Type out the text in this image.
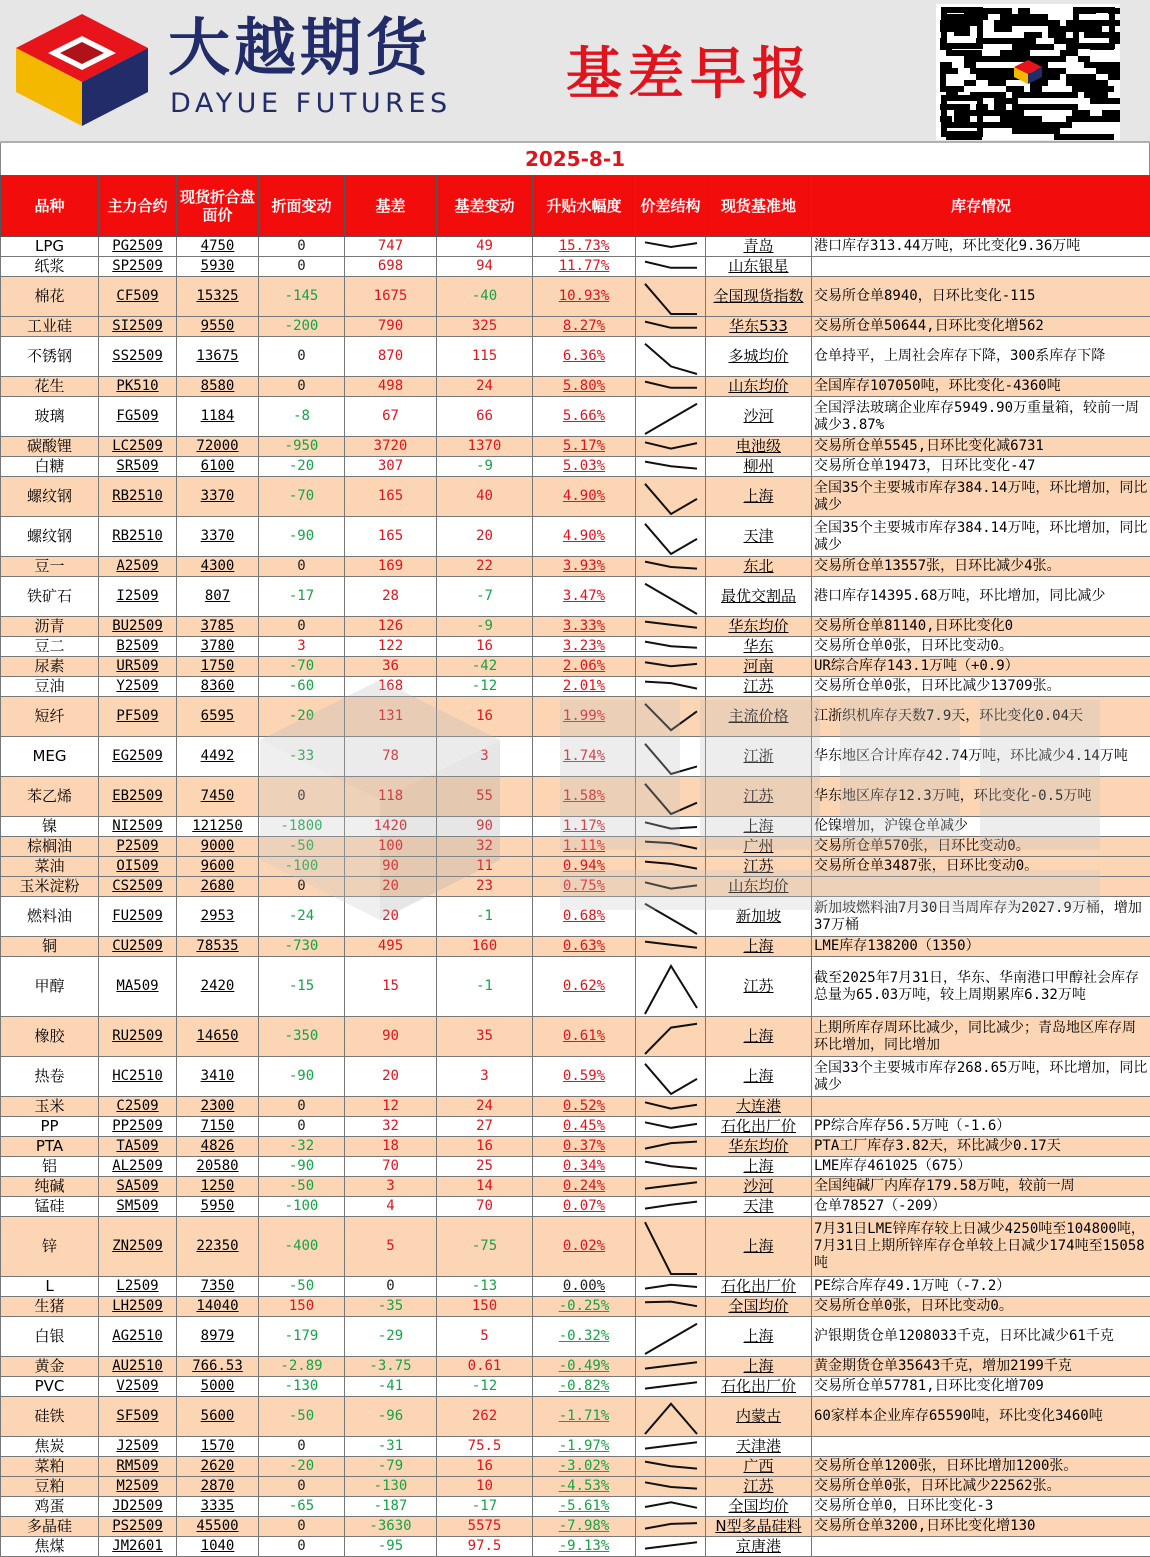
大越期货
DAYUE FUTURES 基差早报
2025-8-1
品种	主力合约	现货折合盘面价	折面变动	基差	基差变动	升贴水幅度	价差结构	现货基准地	库存情况
LPG	PG2509	4750	0	747	49	15.73%		青岛	港口库存313.44万吨，环比变化9.36万吨
纸浆	SP2509	5930	0	698	94	11.77%		山东银星	
棉花	CF509	15325	-145	1675	-40	10.93%		全国现货指数	交易所仓单8940，日环比变化-115
工业硅	SI2509	9550	-200	790	325	8.27%		华东533	交易所仓单50644,日环比变化增562
不锈钢	SS2509	13675	0	870	115	6.36%		多城均价	仓单持平，上周社会库存下降，300系库存下降
花生	PK510	8580	0	498	24	5.80%		山东均价	全国库存107050吨，环比变化-4360吨
玻璃	FG509	1184	-8	67	66	5.66%		沙河	全国浮法玻璃企业库存5949.90万重量箱，较前一周减少3.87%
碳酸锂	LC2509	72000	-950	3720	1370	5.17%		电池级	交易所仓单5545,日环比变化减6731
白糖	SR509	6100	-20	307	-9	5.03%		柳州	交易所仓单19473，日环比变化-47
螺纹钢	RB2510	3370	-70	165	40	4.90%		上海	全国35个主要城市库存384.14万吨，环比增加，同比减少
螺纹钢	RB2510	3370	-90	165	20	4.90%		天津	全国35个主要城市库存384.14万吨，环比增加，同比减少
豆一	A2509	4300	0	169	22	3.93%		东北	交易所仓单13557张，日环比减少4张。
铁矿石	I2509	807	-17	28	-7	3.47%		最优交割品	港口库存14395.68万吨，环比增加，同比减少
沥青	BU2509	3785	0	126	-9	3.33%		华东均价	交易所仓单81140,日环比变化0
豆二	B2509	3780	3	122	16	3.23%		华东	交易所仓单0张，日环比变动0。
尿素	UR509	1750	-70	36	-42	2.06%		河南	UR综合库存143.1万吨（+0.9）
豆油	Y2509	8360	-60	168	-12	2.01%		江苏	交易所仓单0张，日环比减少13709张。
短纤	PF509	6595	-20	131	16	1.99%		主流价格	江浙织机库存天数7.9天，环比变化0.04天
MEG	EG2509	4492	-33	78	3	1.74%		江浙	华东地区合计库存42.74万吨，环比减少4.14万吨
苯乙烯	EB2509	7450	0	118	55	1.58%		江苏	华东地区库存12.3万吨，环比变化-0.5万吨
镍	NI2509	121250	-1800	1420	90	1.17%		上海	伦镍增加，沪镍仓单减少
棕榈油	P2509	9000	-50	100	32	1.11%		广州	交易所仓单570张，日环比变动0。
菜油	OI509	9600	-100	90	11	0.94%		江苏	交易所仓单3487张，日环比变动0。
玉米淀粉	CS2509	2680	0	20	23	0.75%		山东均价	
燃料油	FU2509	2953	-24	20	-1	0.68%		新加坡	新加坡燃料油7月30日当周库存为2027.9万桶，增加37万桶
铜	CU2509	78535	-730	495	160	0.63%		上海	LME库存138200（1350）
甲醇	MA509	2420	-15	15	-1	0.62%		江苏	截至2025年7月31日，华东、华南港口甲醇社会库存总量为65.03万吨，较上周期累库6.32万吨
橡胶	RU2509	14650	-350	90	35	0.61%		上海	上期所库存周环比减少，同比减少；青岛地区库存周环比增加，同比增加
热卷	HC2510	3410	-90	20	3	0.59%		上海	全国33个主要城市库存268.65万吨，环比增加，同比减少
玉米	C2509	2300	0	12	24	0.52%		大连港	
PP	PP2509	7150	0	32	27	0.45%		石化出厂价	PP综合库存56.5万吨（-1.6）
PTA	TA509	4826	-32	18	16	0.37%		华东均价	PTA工厂库存3.82天，环比减少0.17天
铝	AL2509	20580	-90	70	25	0.34%		上海	LME库存461025（675）
纯碱	SA509	1250	-50	3	14	0.24%		沙河	全国纯碱厂内库存179.58万吨，较前一周
锰硅	SM509	5950	-100	4	70	0.07%		天津	仓单78527（-209）
锌	ZN2509	22350	-400	5	-75	0.02%		上海	7月31日LME锌库存较上日减少4250吨至104800吨，7月31日上期所锌库存仓单较上日减少174吨至15058吨
L	L2509	7350	-50	0	-13	0.00%		石化出厂价	PE综合库存49.1万吨（-7.2）
生猪	LH2509	14040	150	-35	150	-0.25%		全国均价	交易所仓单0张，日环比变动0。
白银	AG2510	8979	-179	-29	5	-0.32%		上海	沪银期货仓单1208033千克，日环比减少61千克
黄金	AU2510	766.53	-2.89	-3.75	0.61	-0.49%		上海	黄金期货仓单35643千克，增加2199千克
PVC	V2509	5000	-130	-41	-12	-0.82%		石化出厂价	交易所仓单57781,日环比变化增709
硅铁	SF509	5600	-50	-96	262	-1.71%		内蒙古	60家样本企业库存65590吨，环比变化3460吨
焦炭	J2509	1570	0	-31	75.5	-1.97%		天津港	
菜粕	RM509	2620	-20	-79	16	-3.02%		广西	交易所仓单1200张，日环比增加1200张。
豆粕	M2509	2870	0	-130	10	-4.53%		江苏	交易所仓单0张，日环比减少22562张。
鸡蛋	JD2509	3335	-65	-187	-17	-5.61%		全国均价	交易所仓单0，日环比变化-3
多晶硅	PS2509	45500	0	-3630	5575	-7.98%		N型多晶硅料	交易所仓单3200,日环比变化增130
焦煤	JM2601	1040	0	-95	97.5	-9.13%		京唐港	
